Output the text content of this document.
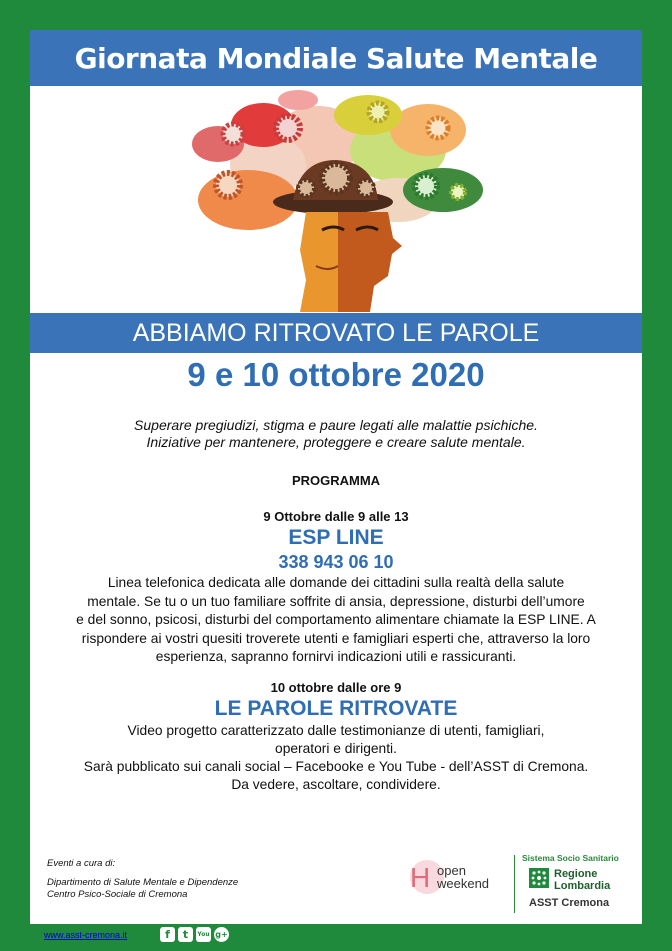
Giornata Mondiale Salute Mentale
ABBIAMO RITROVATO LE PAROLE
9 e 10 ottobre 2020
Superare pregiudizi, stigma e paure legati alle malattie psichiche.
Iniziative per mantenere, proteggere e creare salute mentale.
PROGRAMMA
9 Ottobre dalle 9 alle 13
ESP LINE
338 943 06 10
Linea telefonica dedicata alle domande dei cittadini sulla realtà della salute
mentale. Se tu o un tuo familiare soffrite di ansia, depressione, disturbi dell’umore
e del sonno, psicosi, disturbi del comportamento alimentare chiamate la ESP LINE. A
rispondere ai vostri quesiti troverete utenti e famigliari esperti che, attraverso la loro
esperienza, sapranno fornirvi indicazioni utili e rassicuranti.
10 ottobre dalle ore 9
LE PAROLE RITROVATE
Video progetto caratterizzato dalle testimonianze di utenti, famigliari,
operatori e dirigenti.
Sarà pubblicato sui canali social – Facebooke e You Tube - dell’ASST di Cremona.
Da vedere, ascoltare, condividere.
Eventi a cura di:
Dipartimento di Salute Mentale e Dipendenze
Centro Psico-Sociale di Cremona
H open
weekend
Sistema Socio Sanitario
Regione
Lombardia
ASST Cremona
www.asst-cremona.it	f	t	You g+
